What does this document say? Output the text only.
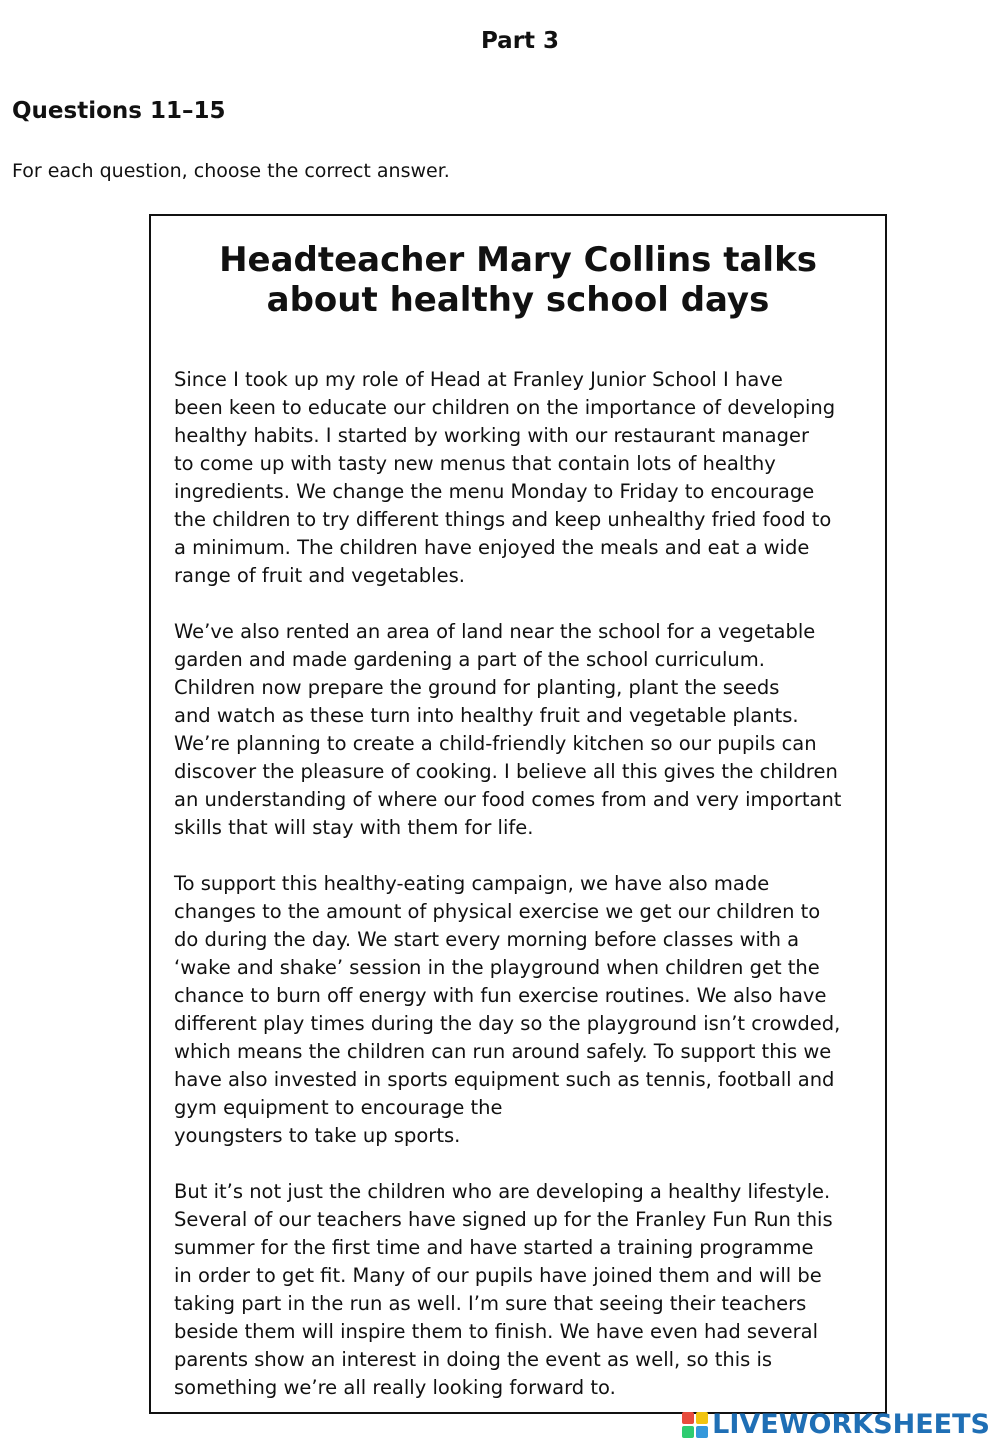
Part 3
Questions 11–15

For each question, choose the correct answer.

Headteacher Mary Collins talks
about healthy school days

Since I took up my role of Head at Franley Junior School I have
been keen to educate our children on the importance of developing
healthy habits. I started by working with our restaurant manager
to come up with tasty new menus that contain lots of healthy
ingredients. We change the menu Monday to Friday to encourage
the children to try different things and keep unhealthy fried food to
a minimum. The children have enjoyed the meals and eat a wide
range of fruit and vegetables.

We’ve also rented an area of land near the school for a vegetable
garden and made gardening a part of the school curriculum.
Children now prepare the ground for planting, plant the seeds
and watch as these turn into healthy fruit and vegetable plants.
We’re planning to create a child-friendly kitchen so our pupils can
discover the pleasure of cooking. I believe all this gives the children
an understanding of where our food comes from and very important
skills that will stay with them for life.

To support this healthy-eating campaign, we have also made
changes to the amount of physical exercise we get our children to
do during the day. We start every morning before classes with a
‘wake and shake’ session in the playground when children get the
chance to burn off energy with fun exercise routines. We also have
different play times during the day so the playground isn’t crowded,
which means the children can run around safely. To support this we
have also invested in sports equipment such as tennis, football and
gym equipment to encourage the
youngsters to take up sports.

But it’s not just the children who are developing a healthy lifestyle.
Several of our teachers have signed up for the Franley Fun Run this
summer for the first time and have started a training programme
in order to get fit. Many of our pupils have joined them and will be
taking part in the run as well. I’m sure that seeing their teachers
beside them will inspire them to finish. We have even had several
parents show an interest in doing the event as well, so this is
something we’re all really looking forward to.

LIVEWORKSHEETS
